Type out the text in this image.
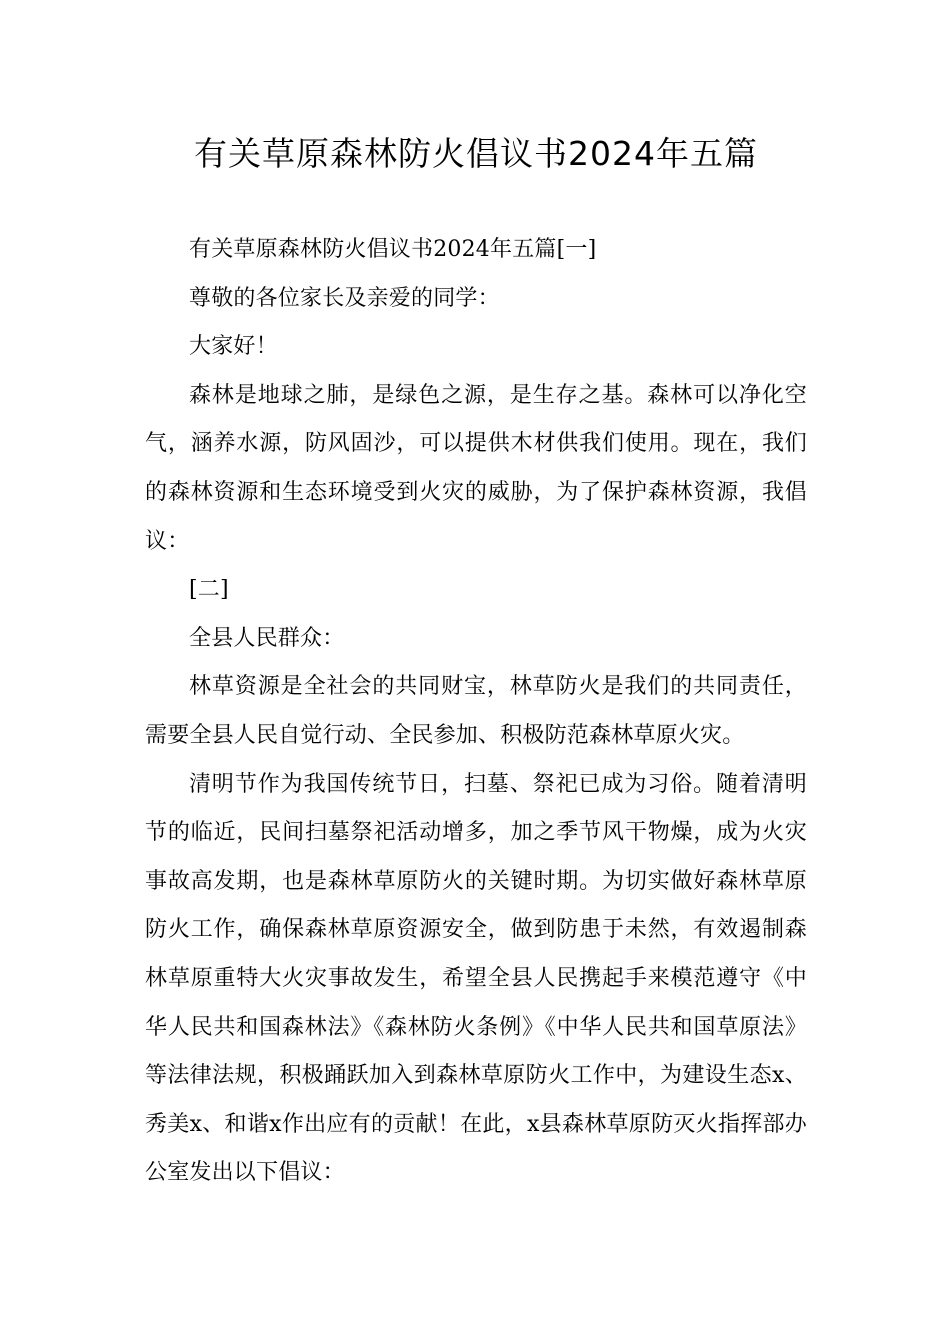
有关草原森林防火倡议书2024年五篇

有关草原森林防火倡议书2024年五篇[一]

尊敬的各位家长及亲爱的同学：

大家好！

森林是地球之肺，是绿色之源，是生存之基。森林可以净化空气，涵养水源，防风固沙，可以提供木材供我们使用。现在，我们的森林资源和生态环境受到火灾的威胁，为了保护森林资源，我倡议：

[二]

全县人民群众：

林草资源是全社会的共同财宝，林草防火是我们的共同责任，需要全县人民自觉行动、全民参加、积极防范森林草原火灾。

清明节作为我国传统节日，扫墓、祭祀已成为习俗。随着清明节的临近，民间扫墓祭祀活动增多，加之季节风干物燥，成为火灾事故高发期，也是森林草原防火的关键时期。为切实做好森林草原防火工作，确保森林草原资源安全，做到防患于未然，有效遏制森林草原重特大火灾事故发生，希望全县人民携起手来模范遵守《中华人民共和国森林法》《森林防火条例》《中华人民共和国草原法》等法律法规，积极踊跃加入到森林草原防火工作中，为建设生态x、秀美x、和谐x作出应有的贡献！在此，x县森林草原防灭火指挥部办公室发出以下倡议：
